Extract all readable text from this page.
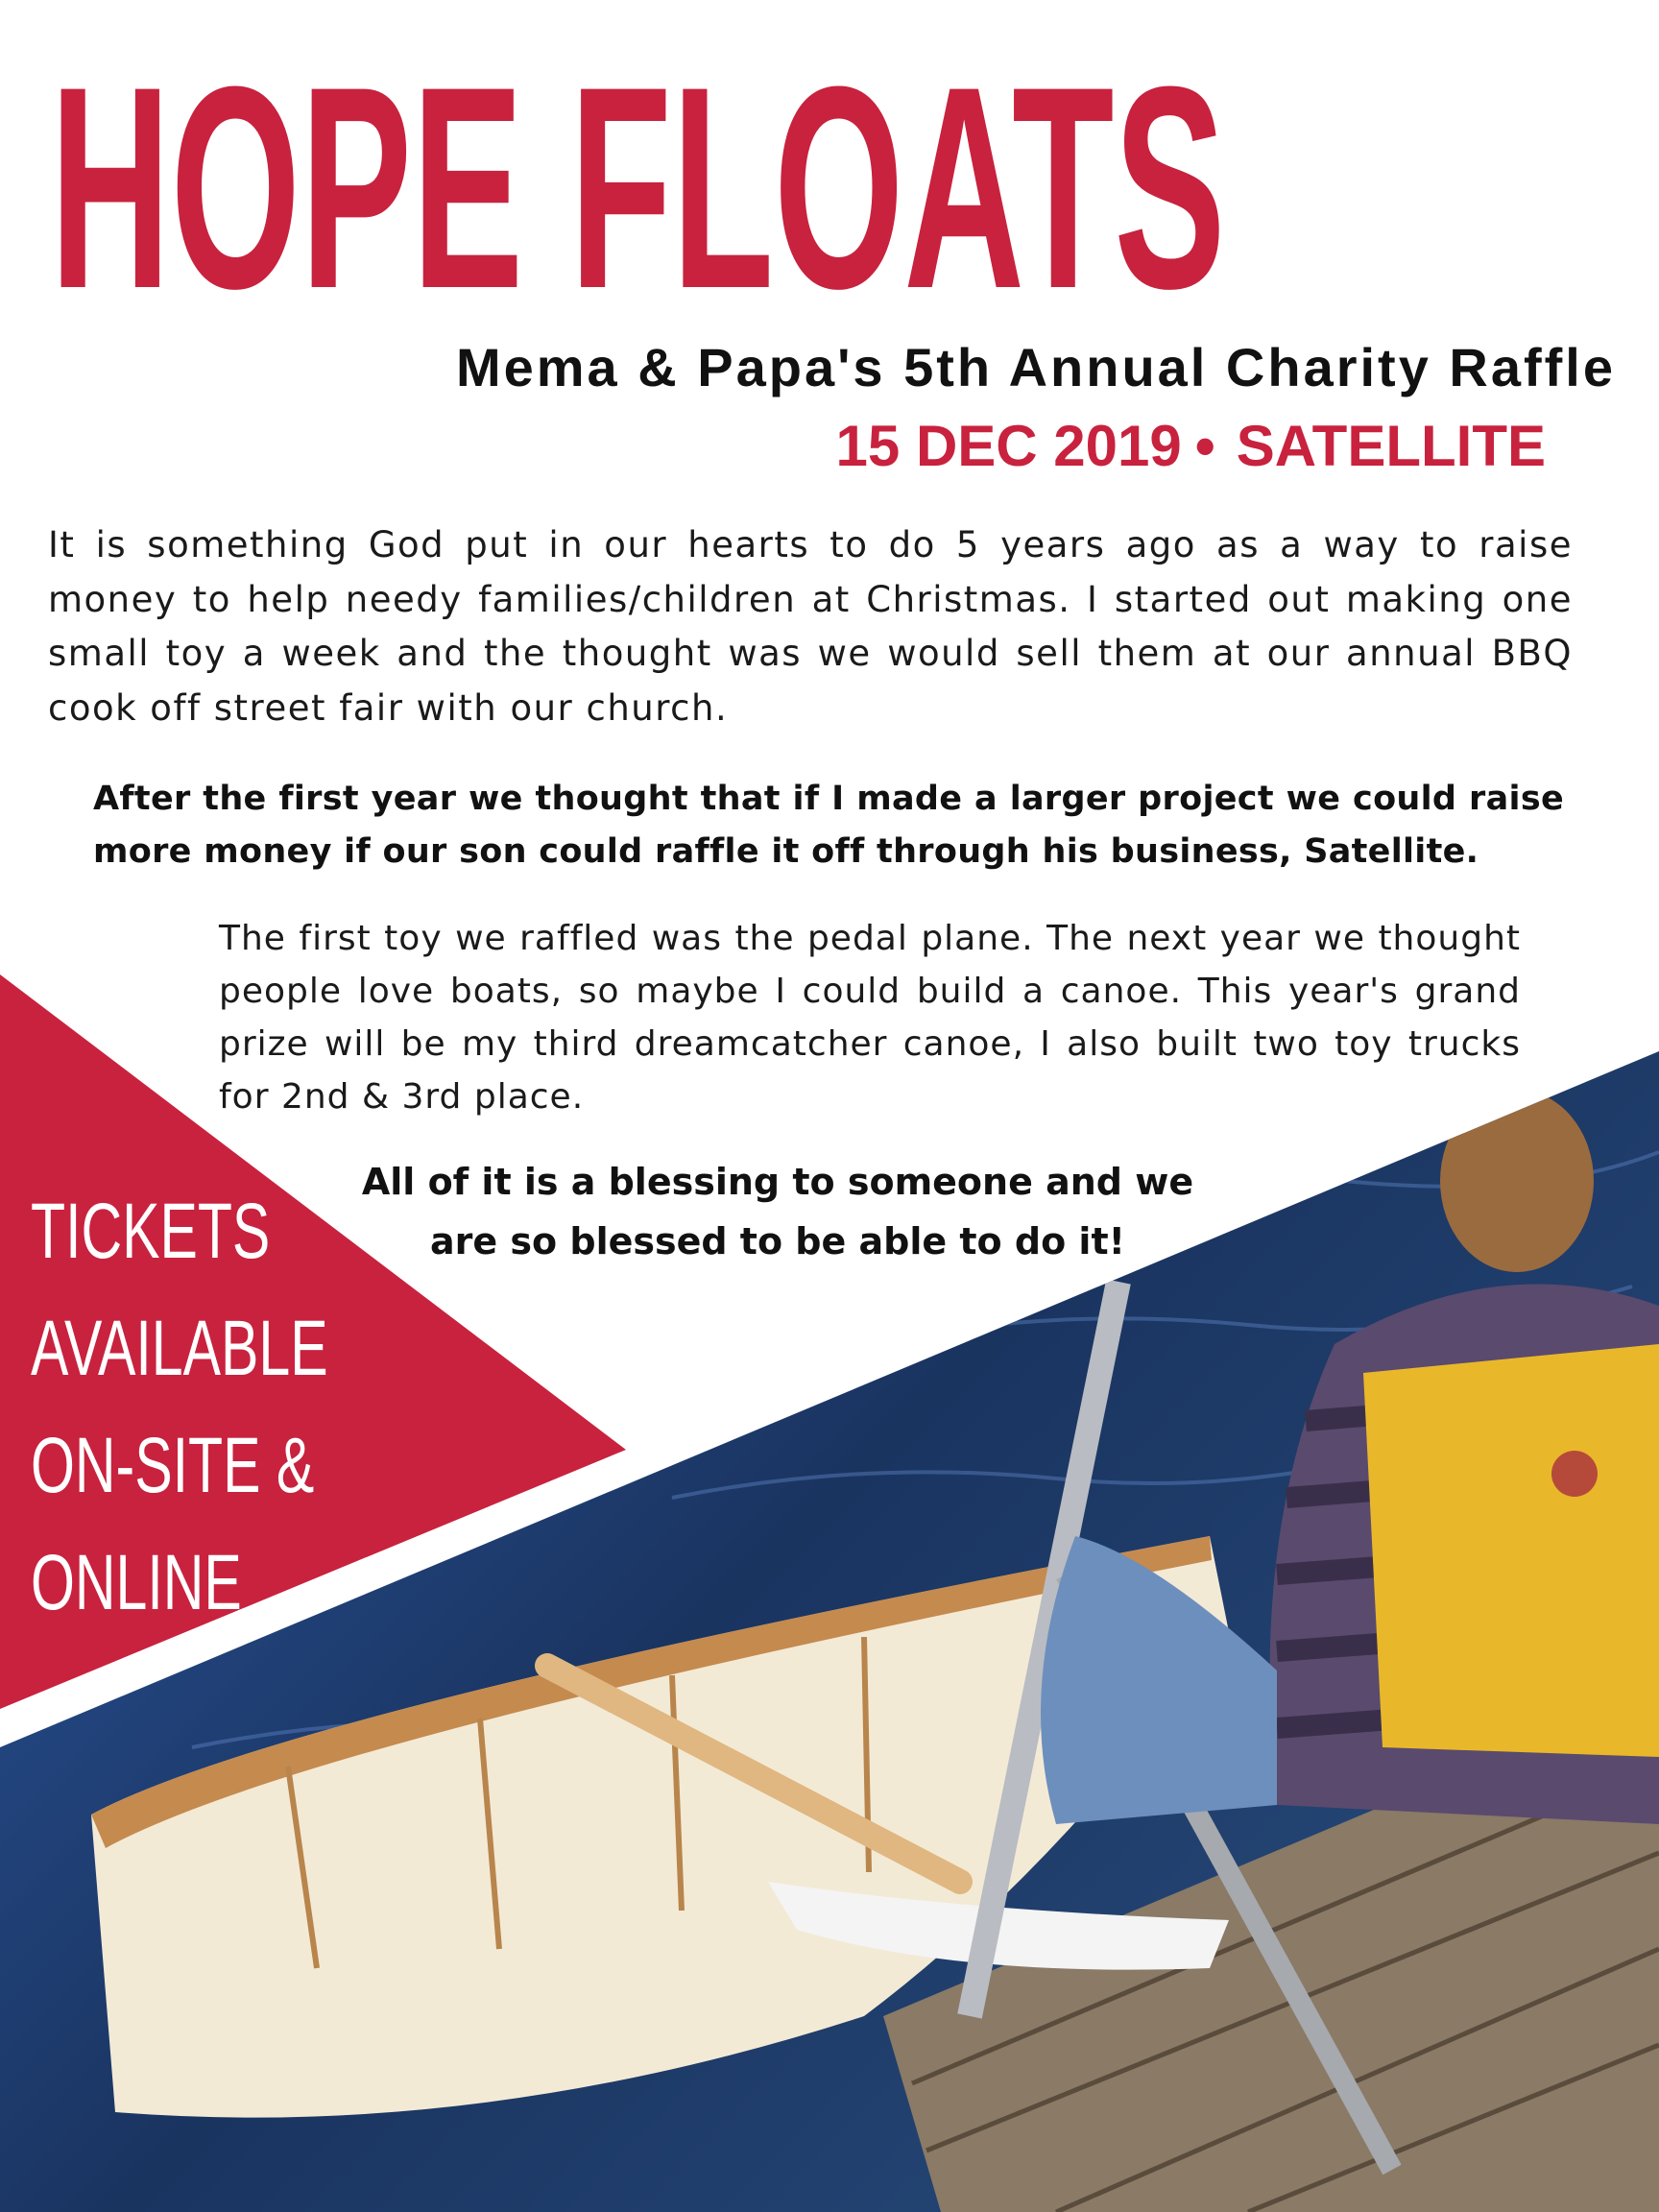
HOPE FLOATS
Mema & Papa's 5th Annual Charity Raffle
15 DEC 2019 • SATELLITE

It is something God put in our hearts to do 5 years ago as a way to raise money to help needy families/children at Christmas. I started out making one small toy a week and the thought was we would sell them at our annual BBQ cook off street fair with our church.

After the first year we thought that if I made a larger project we could raise more money if our son could raffle it off through his business, Satellite.

The first toy we raffled was the pedal plane. The next year we thought people love boats, so maybe I could build a canoe. This year's grand prize will be my third dreamcatcher canoe, I also built two toy trucks for 2nd & 3rd place.

All of it is a blessing to someone and we are so blessed to be able to do it!

TICKETS
AVAILABLE
ON-SITE &
ONLINE
